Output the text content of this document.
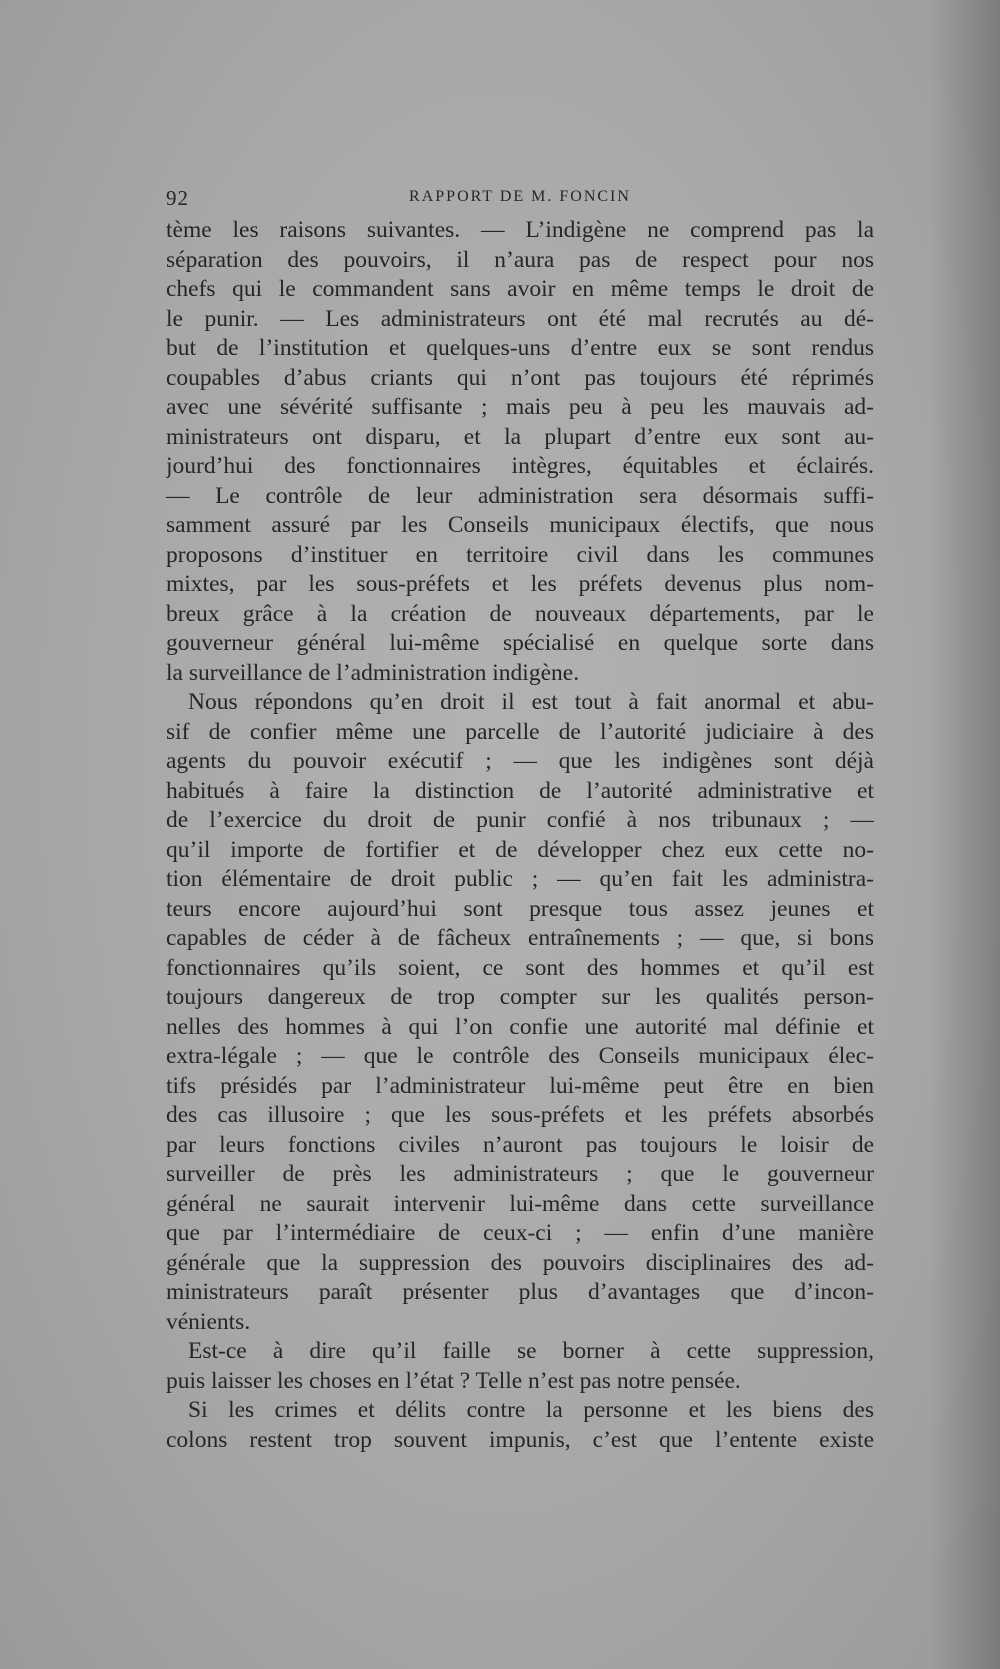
92	RAPPORT DE M. FONCIN
tème les raisons suivantes. — L’indigène ne comprend pas la
séparation des pouvoirs, il n’aura pas de respect pour nos
chefs qui le commandent sans avoir en même temps le droit de
le punir. — Les administrateurs ont été mal recrutés au dé-
but de l’institution et quelques-uns d’entre eux se sont rendus
coupables d’abus criants qui n’ont pas toujours été réprimés
avec une sévérité suffisante ; mais peu à peu les mauvais ad-
ministrateurs ont disparu, et la plupart d’entre eux sont au-
jourd’hui des fonctionnaires intègres, équitables et éclairés.
— Le contrôle de leur administration sera désormais suffi-
samment assuré par les Conseils municipaux électifs, que nous
proposons d’instituer en territoire civil dans les communes
mixtes, par les sous-préfets et les préfets devenus plus nom-
breux grâce à la création de nouveaux départements, par le
gouverneur général lui-même spécialisé en quelque sorte dans
la surveillance de l’administration indigène.
Nous répondons qu’en droit il est tout à fait anormal et abu-
sif de confier même une parcelle de l’autorité judiciaire à des
agents du pouvoir exécutif ; — que les indigènes sont déjà
habitués à faire la distinction de l’autorité administrative et
de l’exercice du droit de punir confié à nos tribunaux ; —
qu’il importe de fortifier et de développer chez eux cette no-
tion élémentaire de droit public ; — qu’en fait les administra-
teurs encore aujourd’hui sont presque tous assez jeunes et
capables de céder à de fâcheux entraînements ; — que, si bons
fonctionnaires qu’ils soient, ce sont des hommes et qu’il est
toujours dangereux de trop compter sur les qualités person-
nelles des hommes à qui l’on confie une autorité mal définie et
extra-légale ; — que le contrôle des Conseils municipaux élec-
tifs présidés par l’administrateur lui-même peut être en bien
des cas illusoire ; que les sous-préfets et les préfets absorbés
par leurs fonctions civiles n’auront pas toujours le loisir de
surveiller de près les administrateurs ; que le gouverneur
général ne saurait intervenir lui-même dans cette surveillance
que par l’intermédiaire de ceux-ci ; — enfin d’une manière
générale que la suppression des pouvoirs disciplinaires des ad-
ministrateurs paraît présenter plus d’avantages que d’incon-
vénients.
Est-ce à dire qu’il faille se borner à cette suppression,
puis laisser les choses en l’état ? Telle n’est pas notre pensée.
Si les crimes et délits contre la personne et les biens des
colons restent trop souvent impunis, c’est que l’entente existe
